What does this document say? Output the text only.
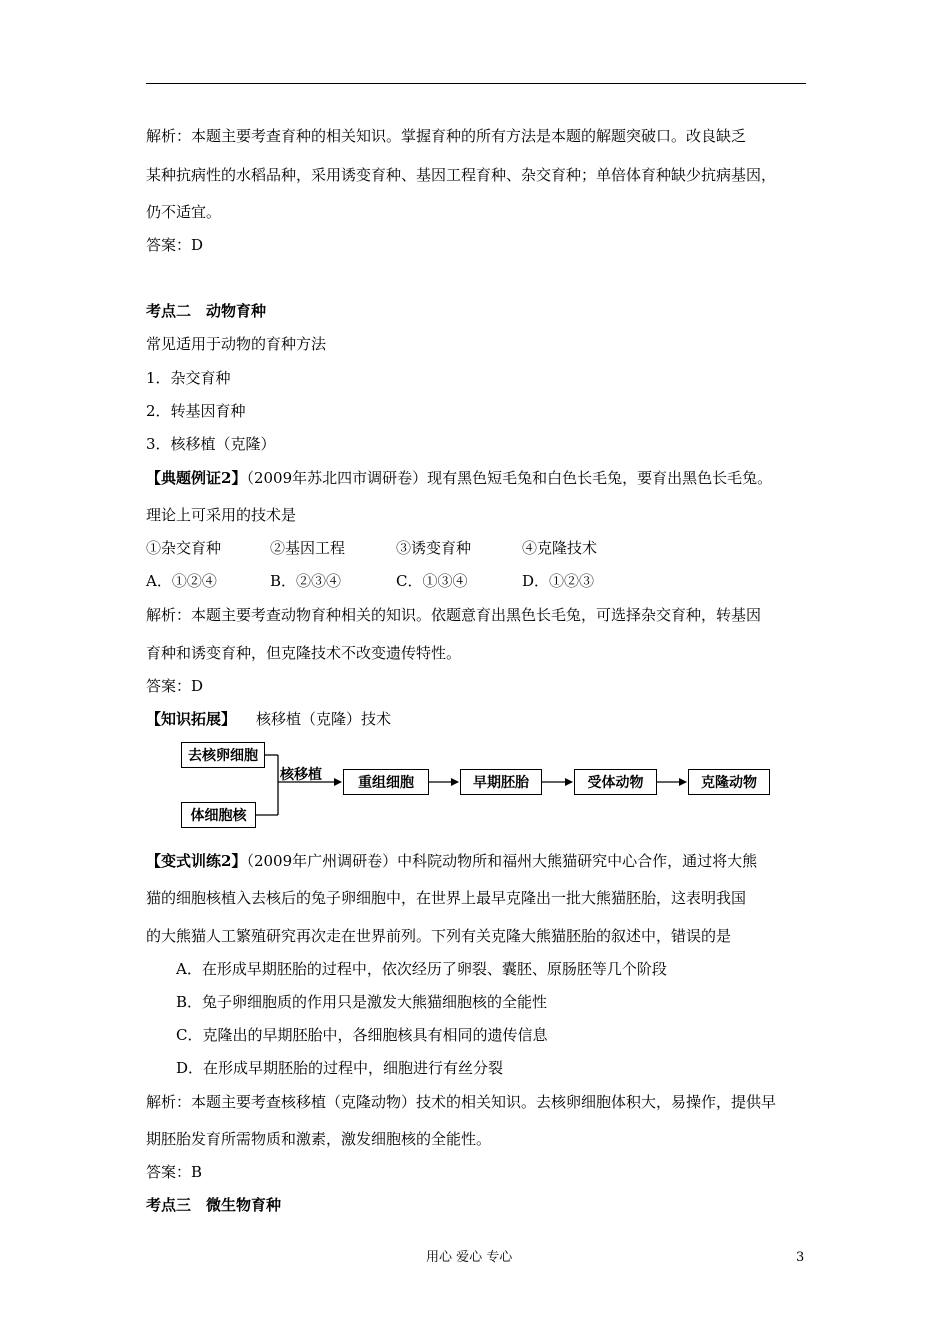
解析：本题主要考查育种的相关知识。掌握育种的所有方法是本题的解题突破口。改良缺乏
某种抗病性的水稻品种，采用诱变育种、基因工程育种、杂交育种；单倍体育种缺少抗病基因，
仍不适宜。
答案：D
考点二　动物育种
常见适用于动物的育种方法
1．杂交育种
2．转基因育种
3．核移植（克隆）
【典题例证2】（2009年苏北四市调研卷）现有黑色短毛兔和白色长毛兔，要育出黑色长毛兔。
理论上可采用的技术是
①杂交育种	②基因工程	③诱变育种	④克隆技术
A．①②④	B．②③④	C．①③④	D．①②③
解析：本题主要考查动物育种相关的知识。依题意育出黑色长毛兔，可选择杂交育种，转基因
育种和诱变育种，但克隆技术不改变遗传特性。
答案：D
【知识拓展】 核移植（克隆）技术
去核卵细胞
体细胞核
核移植	重组细胞	早期胚胎	受体动物	克隆动物
【变式训练2】（2009年广州调研卷）中科院动物所和福州大熊猫研究中心合作，通过将大熊
猫的细胞核植入去核后的兔子卵细胞中，在世界上最早克隆出一批大熊猫胚胎，这表明我国
的大熊猫人工繁殖研究再次走在世界前列。下列有关克隆大熊猫胚胎的叙述中，错误的是
A．在形成早期胚胎的过程中，依次经历了卵裂、囊胚、原肠胚等几个阶段
B．兔子卵细胞质的作用只是激发大熊猫细胞核的全能性
C．克隆出的早期胚胎中，各细胞核具有相同的遗传信息
D．在形成早期胚胎的过程中，细胞进行有丝分裂
解析：本题主要考查核移植（克隆动物）技术的相关知识。去核卵细胞体积大，易操作，提供早
期胚胎发育所需物质和激素，激发细胞核的全能性。
答案：B
考点三　微生物育种
用心 爱心 专心	3
